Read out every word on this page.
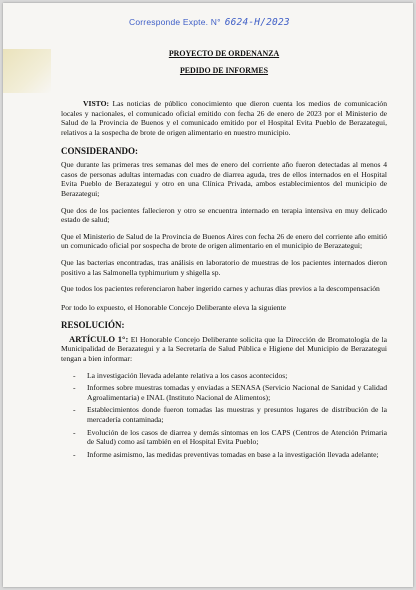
Corresponde Expte. N° 6624-H/2023

PROYECTO DE ORDENANZA

PEDIDO DE INFORMES

VISTO: Las noticias de público conocimiento que dieron cuenta los medios de comunicación locales y nacionales, el comunicado oficial emitido con fecha 26 de enero de 2023 por el Ministerio de Salud de la Provincia de Buenos y el comunicado emitido por el Hospital Evita Pueblo de Berazategui, relativos a la sospecha de brote de origen alimentario en nuestro municipio.

CONSIDERANDO:

Que durante las primeras tres semanas del mes de enero del corriente año fueron detectadas al menos 4 casos de personas adultas internadas con cuadro de diarrea aguda, tres de ellos internados en el Hospital Evita Pueblo de Berazategui y otro en una Clínica Privada, ambos establecimientos del municipio de Berazategui;

Que dos de los pacientes fallecieron y otro se encuentra internado en terapia intensiva en muy delicado estado de salud;

Que el Ministerio de Salud de la Provincia de Buenos Aires con fecha 26 de enero del corriente año emitió un comunicado oficial por sospecha de brote de origen alimentario en el municipio de Berazategui;

Que las bacterias encontradas, tras análisis en laboratorio de muestras de los pacientes internados dieron positivo a las Salmonella typhimurium y shigella sp.

Que todos los pacientes referenciaron haber ingerido carnes y achuras días previos a la descompensación

Por todo lo expuesto, el Honorable Concejo Deliberante eleva la siguiente

RESOLUCIÓN:

ARTÍCULO 1°: El Honorable Concejo Deliberante solicita que la Dirección de Bromatología de la Municipalidad de Berazategui y a la Secretaría de Salud Pública e Higiene del Municipio de Berazategui tengan a bien informar:

- La investigación llevada adelante relativa a los casos acontecidos;
- Informes sobre muestras tomadas y enviadas a SENASA (Servicio Nacional de Sanidad y Calidad Agroalimentaria) e INAL (Instituto Nacional de Alimentos);
- Establecimientos donde fueron tomadas las muestras y presuntos lugares de distribución de la mercadería contaminada;
- Evolución de los casos de diarrea y demás síntomas en los CAPS (Centros de Atención Primaria de Salud) como así también en el Hospital Evita Pueblo;
- Informe asimismo, las medidas preventivas tomadas en base a la investigación llevada adelante;
